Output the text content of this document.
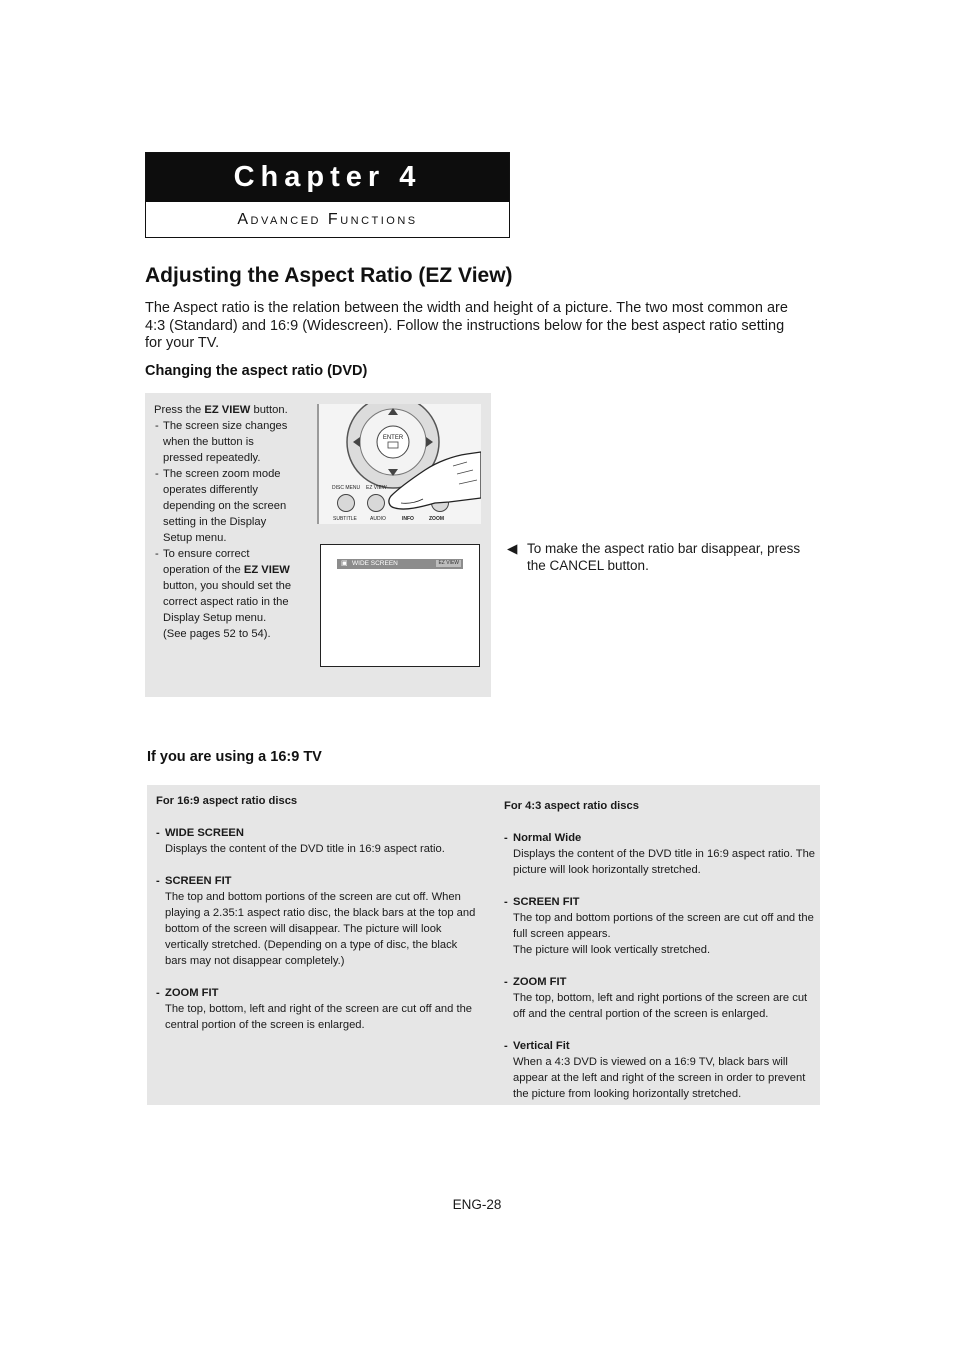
Chapter 4
Advanced Functions
Adjusting the Aspect Ratio (EZ View)

The Aspect ratio is the relation between the width and height of a picture. The two most common are 4:3 (Standard) and 16:9 (Widescreen). Follow the instructions below for the best aspect ratio setting for your TV.

Changing the aspect ratio (DVD)

Press the EZ VIEW button.

- The screen size changes when the button is pressed repeatedly.
- The screen zoom mode operates differently depending on the screen setting in the Display Setup menu.
- To ensure correct operation of the EZ VIEW button, you should set the correct aspect ratio in the Display Setup menu.
(See pages 52 to 54).
ENTER
DISC MENU EZ VIEW
SUBTITLE	AUDIO	INFO	ZOOM
▣ WIDE SCREEN	EZ VIEW
◀ To make the aspect ratio bar disappear, press the CANCEL button.
If you are using a 16:9 TV
For 16:9 aspect ratio discs
- WIDE SCREEN
Displays the content of the DVD title in 16:9 aspect ratio.
- SCREEN FIT
The top and bottom portions of the screen are cut off. When playing a 2.35:1 aspect ratio disc, the black bars at the top and bottom of the screen will disappear. The picture will look vertically stretched. (Depending on a type of disc, the black bars may not disappear completely.)
- ZOOM FIT
The top, bottom, left and right of the screen are cut off and the central portion of the screen is enlarged.
For 4:3 aspect ratio discs
- Normal Wide
Displays the content of the DVD title in 16:9 aspect ratio. The picture will look horizontally stretched.
- SCREEN FIT
The top and bottom portions of the screen are cut off and the full screen appears.
The picture will look vertically stretched.
- ZOOM FIT
The top, bottom, left and right portions of the screen are cut off and the central portion of the screen is enlarged.
- Vertical Fit
When a 4:3 DVD is viewed on a 16:9 TV, black bars will appear at the left and right of the screen in order to prevent the picture from looking horizontally stretched.
ENG-28
